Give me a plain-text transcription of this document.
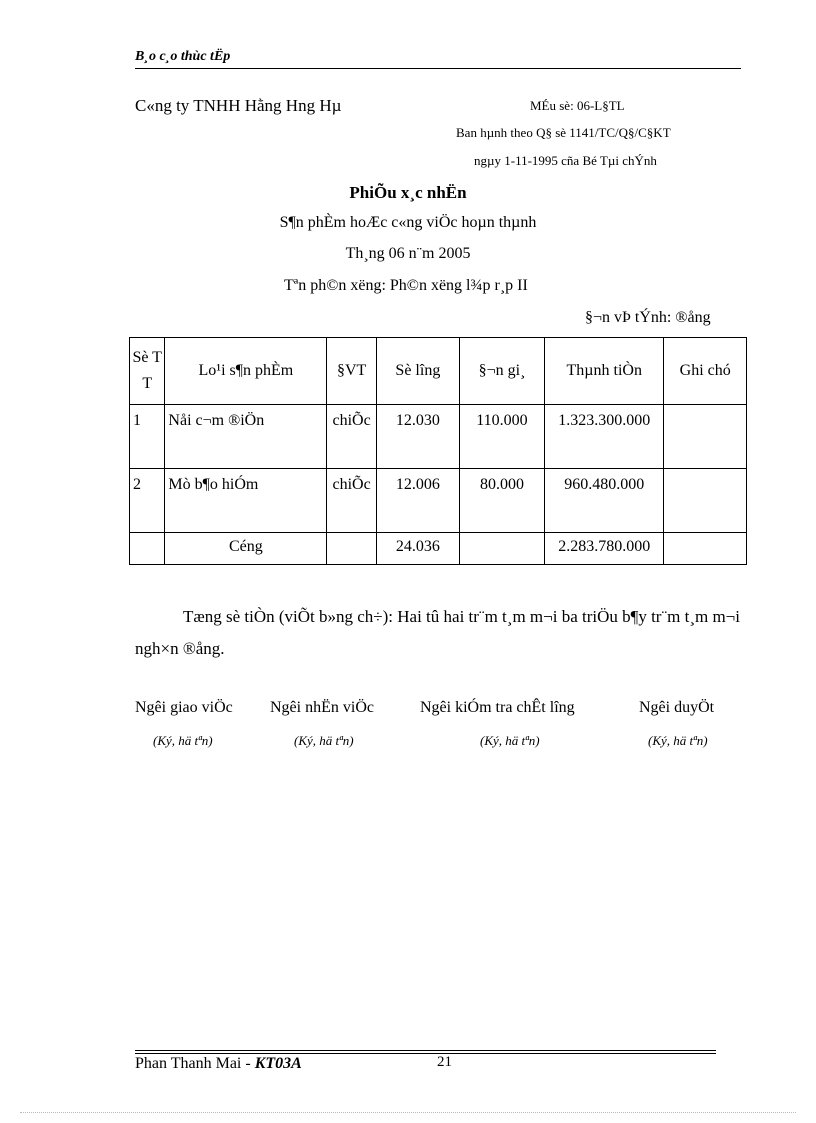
B¸o c¸o thùc tËp
C«ng ty TNHH Hằng Hng Hµ	MÉu sè: 06-L§TL
Ban hµnh theo Q§ sè 1141/TC/Q§/C§KT
ngµy 1-11-1995 cña Bé Tµi chÝnh
PhiÕu x¸c nhËn
S¶n phÈm hoÆc c«ng viÖc hoµn thµnh
Th¸ng 06 n¨m 2005
Tªn ph©n xëng: Ph©n xëng l¾p r¸p II
§¬n vÞ tÝnh: ®ång
Sè TT	Lo¹i s¶n phÈm	§VT	Sè lîng	§¬n gi¸	Thµnh tiÒn	Ghi chó
1	Nåi c¬m ®iÖn	chiÕc	12.030	110.000	1.323.300.000	
2	Mò b¶o hiÓm	chiÕc	12.006	80.000	960.480.000	
	Céng		24.036		2.283.780.000	
Tæng sè tiÒn (viÕt b»ng ch÷): Hai tû hai tr¨m t¸m m¬i ba triÖu b¶y tr¨m t¸m m¬i ngh×n ®ång.
Ngêi giao viÖc Ngêi nhËn viÖc	Ngêi kiÓm tra chÊt lîng	Ngêi duyÖt
(Ký, hä tªn)	(Ký, hä tªn)	(Ký, hä tªn)	(Ký, hä tªn)
Phan Thanh Mai - KT03A	21
